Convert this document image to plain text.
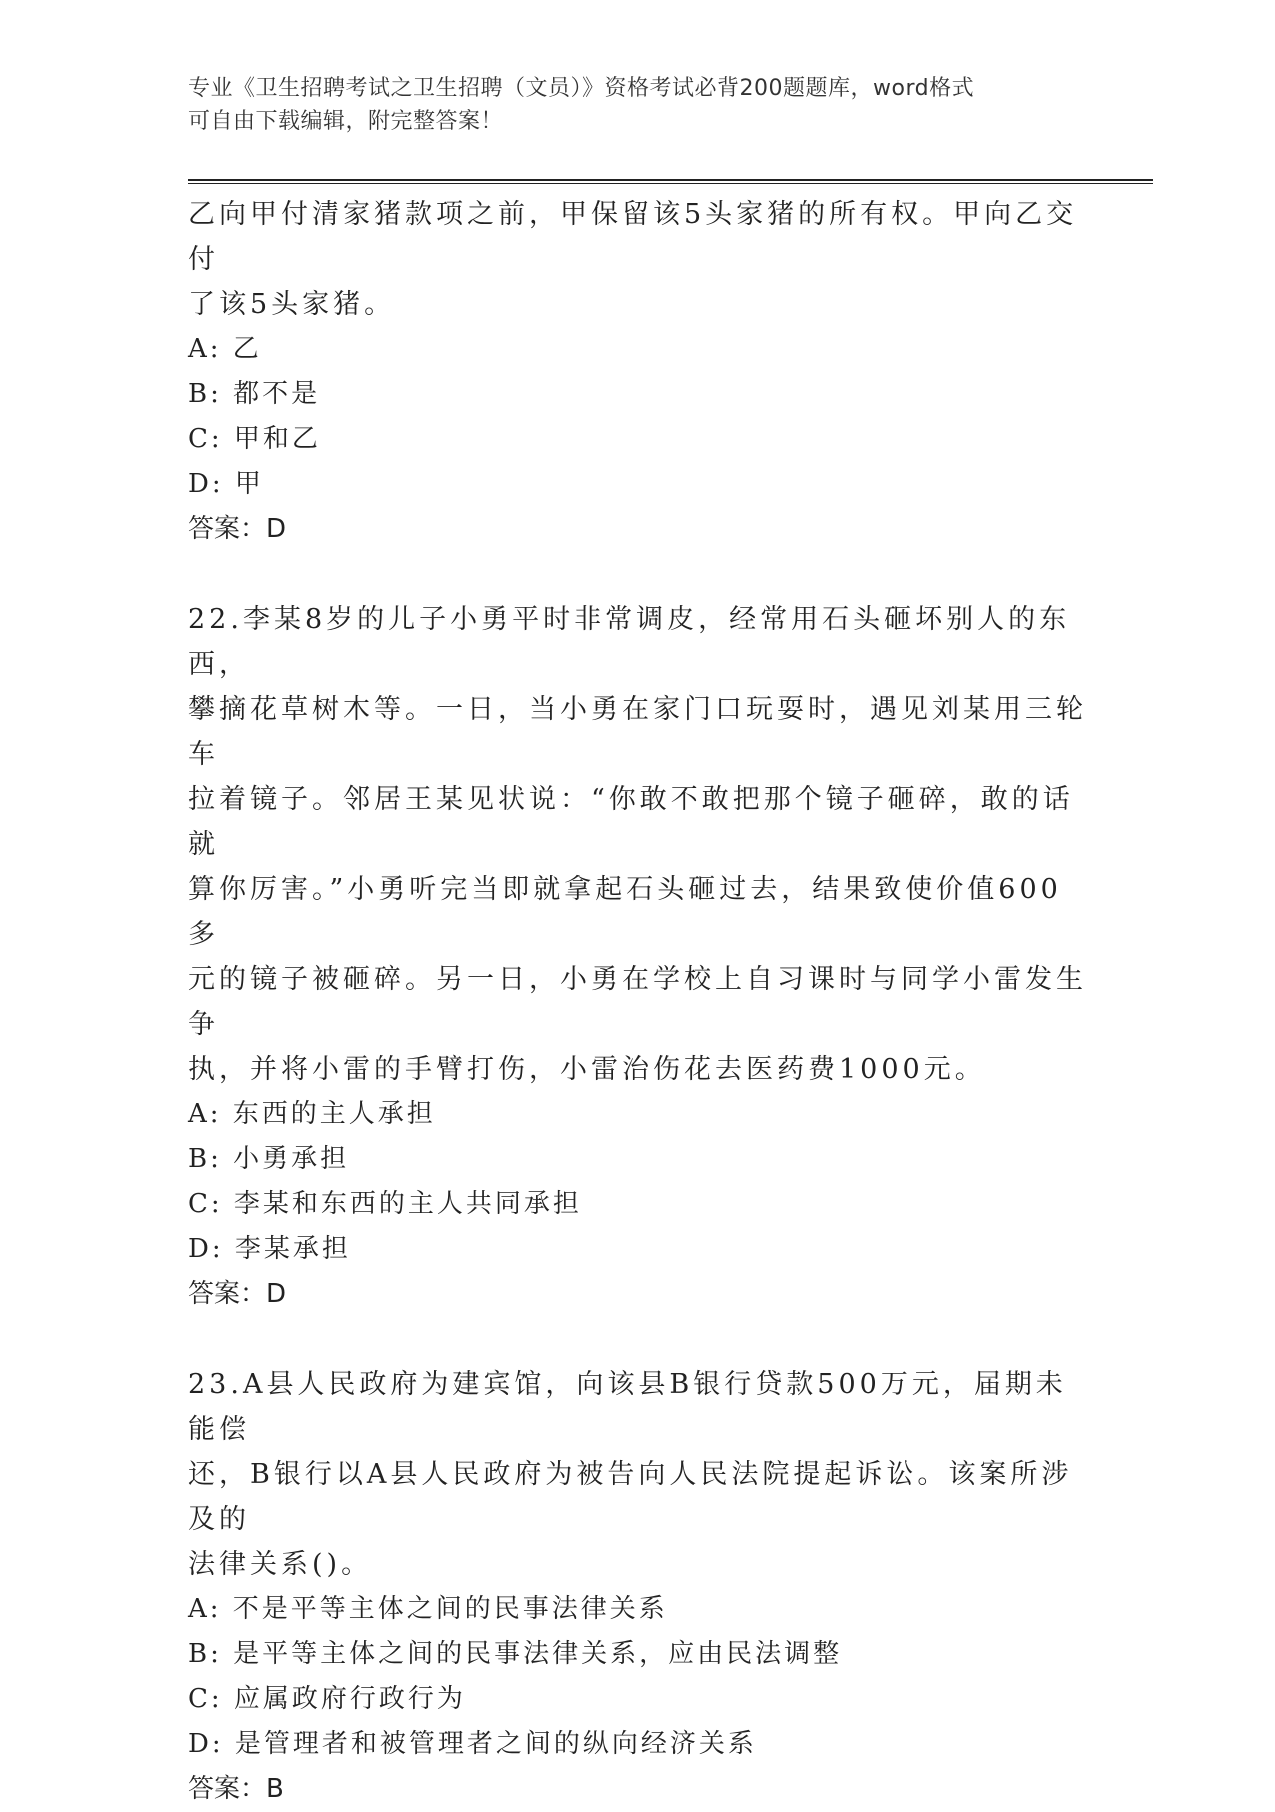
专业《卫生招聘考试之卫生招聘（文员）》资格考试必背200题题库，word格式
可自由下载编辑，附完整答案！

乙向甲付清家猪款项之前，甲保留该5头家猪的所有权。甲向乙交付

了该5头家猪。

A: 乙

B: 都不是

C: 甲和乙

D: 甲

答案：D

22.李某8岁的儿子小勇平时非常调皮，经常用石头砸坏别人的东西，

攀摘花草树木等。一日，当小勇在家门口玩耍时，遇见刘某用三轮车

拉着镜子。邻居王某见状说：“你敢不敢把那个镜子砸碎，敢的话就

算你厉害。”小勇听完当即就拿起石头砸过去，结果致使价值600多

元的镜子被砸碎。另一日，小勇在学校上自习课时与同学小雷发生争

执，并将小雷的手臂打伤，小雷治伤花去医药费1000元。

A: 东西的主人承担

B: 小勇承担

C: 李某和东西的主人共同承担

D: 李某承担

答案：D

23.A县人民政府为建宾馆，向该县B银行贷款500万元，届期未能偿

还，B银行以A县人民政府为被告向人民法院提起诉讼。该案所涉及的

法律关系()。

A: 不是平等主体之间的民事法律关系

B: 是平等主体之间的民事法律关系，应由民法调整

C: 应属政府行政行为

D: 是管理者和被管理者之间的纵向经济关系

答案：B
